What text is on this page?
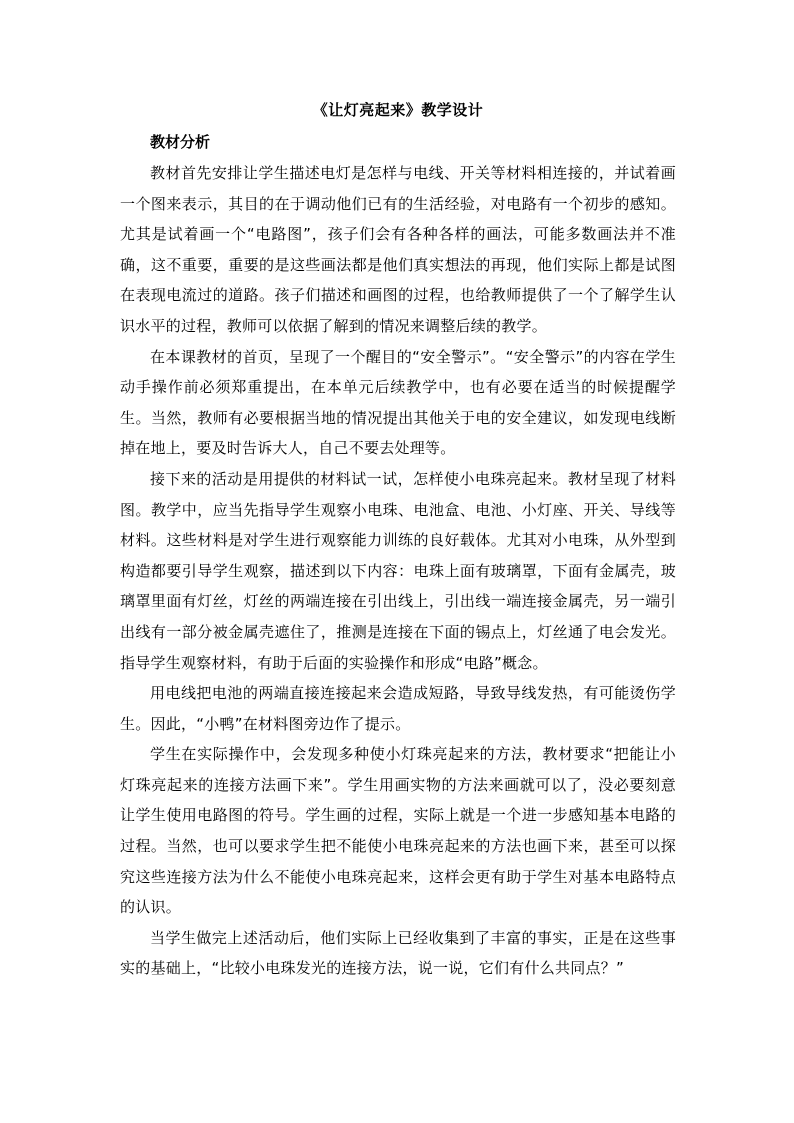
《让灯亮起来》教学设计
教材分析

教材首先安排让学生描述电灯是怎样与电线、开关等材料相连接的，并试着画一个图来表示，其目的在于调动他们已有的生活经验，对电路有一个初步的感知。尤其是试着画一个“电路图”，孩子们会有各种各样的画法，可能多数画法并不准确，这不重要，重要的是这些画法都是他们真实想法的再现，他们实际上都是试图在表现电流过的道路。孩子们描述和画图的过程，也给教师提供了一个了解学生认识水平的过程，教师可以依据了解到的情况来调整后续的教学。

在本课教材的首页，呈现了一个醒目的“安全警示”。“安全警示”的内容在学生动手操作前必须郑重提出，在本单元后续教学中，也有必要在适当的时候提醒学生。当然，教师有必要根据当地的情况提出其他关于电的安全建议，如发现电线断掉在地上，要及时告诉大人，自己不要去处理等。

接下来的活动是用提供的材料试一试，怎样使小电珠亮起来。教材呈现了材料图。教学中，应当先指导学生观察小电珠、电池盒、电池、小灯座、开关、导线等材料。这些材料是对学生进行观察能力训练的良好载体。尤其对小电珠，从外型到构造都要引导学生观察，描述到以下内容：电珠上面有玻璃罩，下面有金属壳，玻璃罩里面有灯丝，灯丝的两端连接在引出线上，引出线一端连接金属壳，另一端引出线有一部分被金属壳遮住了，推测是连接在下面的锡点上，灯丝通了电会发光。指导学生观察材料，有助于后面的实验操作和形成“电路”概念。

用电线把电池的两端直接连接起来会造成短路，导致导线发热，有可能烫伤学生。因此，“小鸭”在材料图旁边作了提示。

学生在实际操作中，会发现多种使小灯珠亮起来的方法，教材要求“把能让小灯珠亮起来的连接方法画下来”。学生用画实物的方法来画就可以了，没必要刻意让学生使用电路图的符号。学生画的过程，实际上就是一个进一步感知基本电路的过程。当然，也可以要求学生把不能使小电珠亮起来的方法也画下来，甚至可以探究这些连接方法为什么不能使小电珠亮起来，这样会更有助于学生对基本电路特点的认识。

当学生做完上述活动后，他们实际上已经收集到了丰富的事实，正是在这些事实的基础上，“比较小电珠发光的连接方法，说一说，它们有什么共同点？”
